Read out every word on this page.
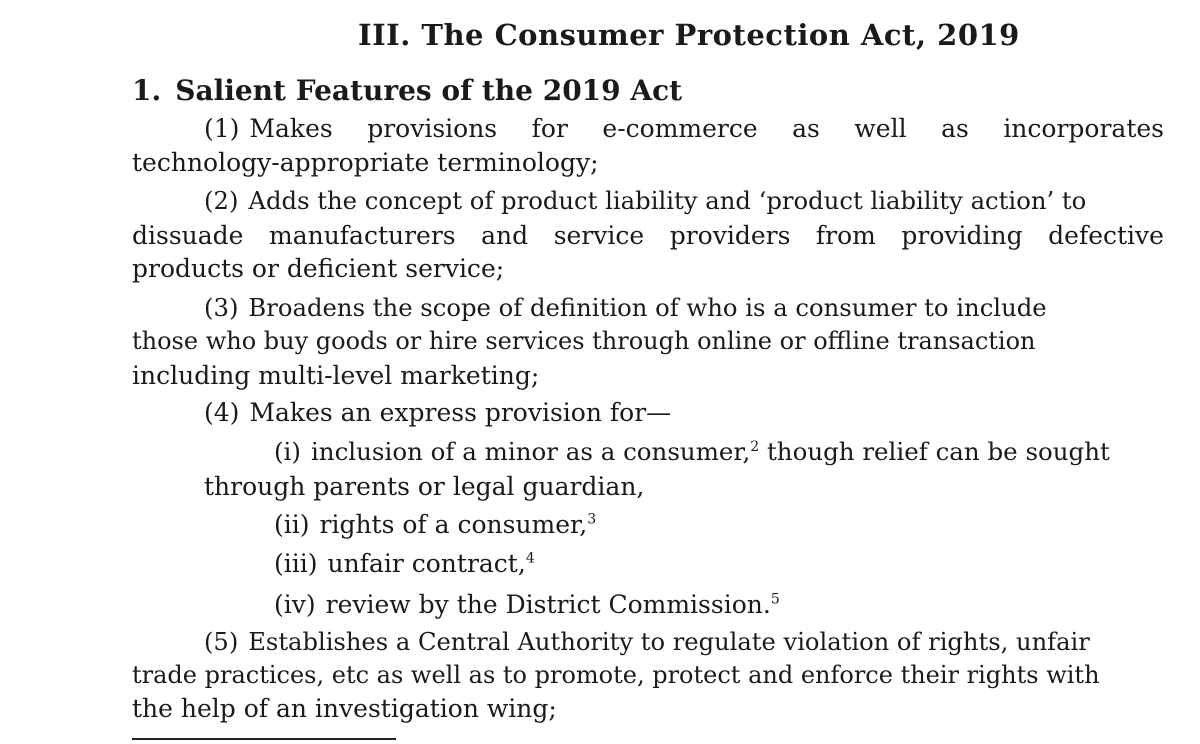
III. The Consumer Protection Act, 2019
1. Salient Features of the 2019 Act
(1) Makes provisions for e-commerce as well as incorporates
technology-appropriate terminology;
(2) Adds the concept of product liability and ‘product liability action’ to
dissuade manufacturers and service providers from providing defective
products or deficient service;
(3) Broadens the scope of definition of who is a consumer to include
those who buy goods or hire services through online or offline transaction
including multi-level marketing;
(4) Makes an express provision for—
(i) inclusion of a minor as a consumer,$^2$ though relief can be sought
through parents or legal guardian,
(ii) rights of a consumer,$^3$
(iii) unfair contract,$^4$
(iv) review by the District Commission.$^5$
(5) Establishes a Central Authority to regulate violation of rights, unfair
trade practices, etc as well as to promote, protect and enforce their rights with
the help of an investigation wing;
